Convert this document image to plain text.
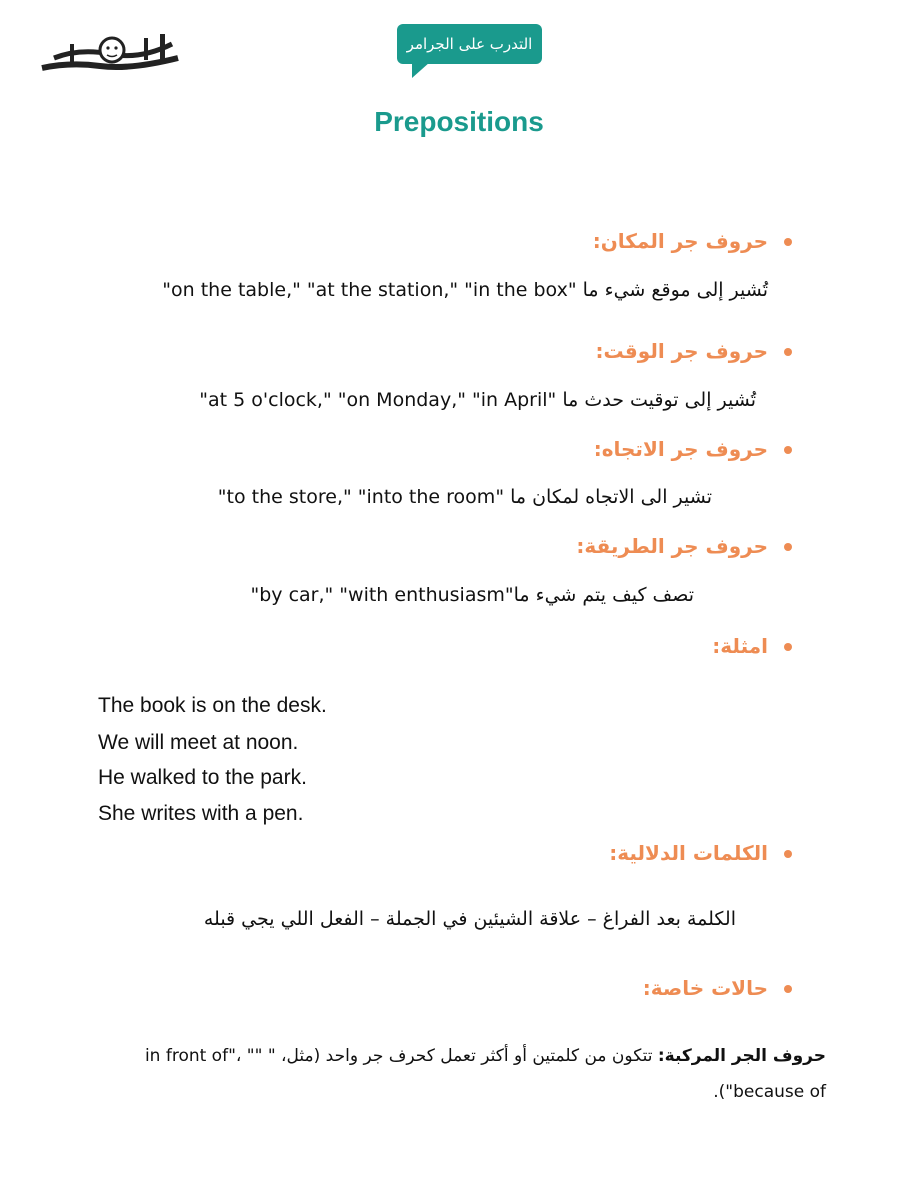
التدرب على الجرامر
Prepositions
حروف جر المكان:
تُشير إلى موقع شيء ما "on the table," "at the station," "in the box"
حروف جر الوقت:
تُشير إلى توقيت حدث ما "at 5 o'clock," "on Monday," "in April"
حروف جر الاتجاه:
تشير الى الاتجاه لمكان ما "to the store," "into the room"
حروف جر الطريقة:
تصف كيف يتم شيء ما"by car," "with enthusiasm"
امثلة:
The book is on the desk.
We will meet at noon.
He walked to the park.
She writes with a pen.
الكلمات الدلالية:
الكلمة بعد الفراغ – علاقة الشيئين في الجملة – الفعل اللي يجي قبله
حالات خاصة:
حروف الجر المركبة: تتكون من كلمتين أو أكثر تعمل كحرف جر واحد (مثل، " in front of"، "" because of").
